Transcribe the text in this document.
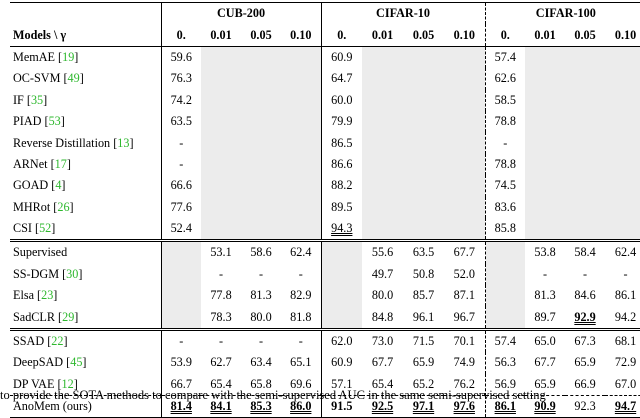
	CUB-200				CIFAR-10				CIFAR-100			
Models \ γ	0.	0.01	0.05	0.10	0.	0.01	0.05	0.10	0.	0.01	0.05	0.10
MemAE [19]	59.6				60.9				57.4			
OC-SVM [49]	76.3				64.7				62.6			
IF [35]	74.2				60.0				58.5			
PIAD [53]	63.5				79.9				78.8			
Reverse Distillation [13]	-				86.5				-			
ARNet [17]	-				86.6				78.8			
GOAD [4]	66.6				88.2				74.5			
MHRot [26]	77.6				89.5				83.6			
CSI [52]	52.4				94.3				85.8			
Supervised		53.1	58.6	62.4		55.6	63.5	67.7		53.8	58.4	62.4
SS-DGM [30]		-	-	-		49.7	50.8	52.0		-	-	-
Elsa [23]		77.8	81.3	82.9		80.0	85.7	87.1		81.3	84.6	86.1
SadCLR [29]		78.3	80.0	81.8		84.8	96.1	96.7		89.7	92.9	94.2
SSAD [22]	-	-	-	-	62.0	73.0	71.5	70.1	57.4	65.0	67.3	68.1
DeepSAD [45]	53.9	62.7	63.4	65.1	60.9	67.7	65.9	74.9	56.3	67.7	65.9	72.9
DP VAE [12]	66.7	65.4	65.8	69.6	57.1	65.4	65.2	76.2	56.9	65.9	66.9	67.0
AnoMem (ours)	81.4	84.1	85.3	86.0	91.5	92.5	97.1	97.6	86.1	90.9	92.3	94.7
to provide the SOTA methods to compare with the semi-supervised AUC in the same semi-supervised setting
